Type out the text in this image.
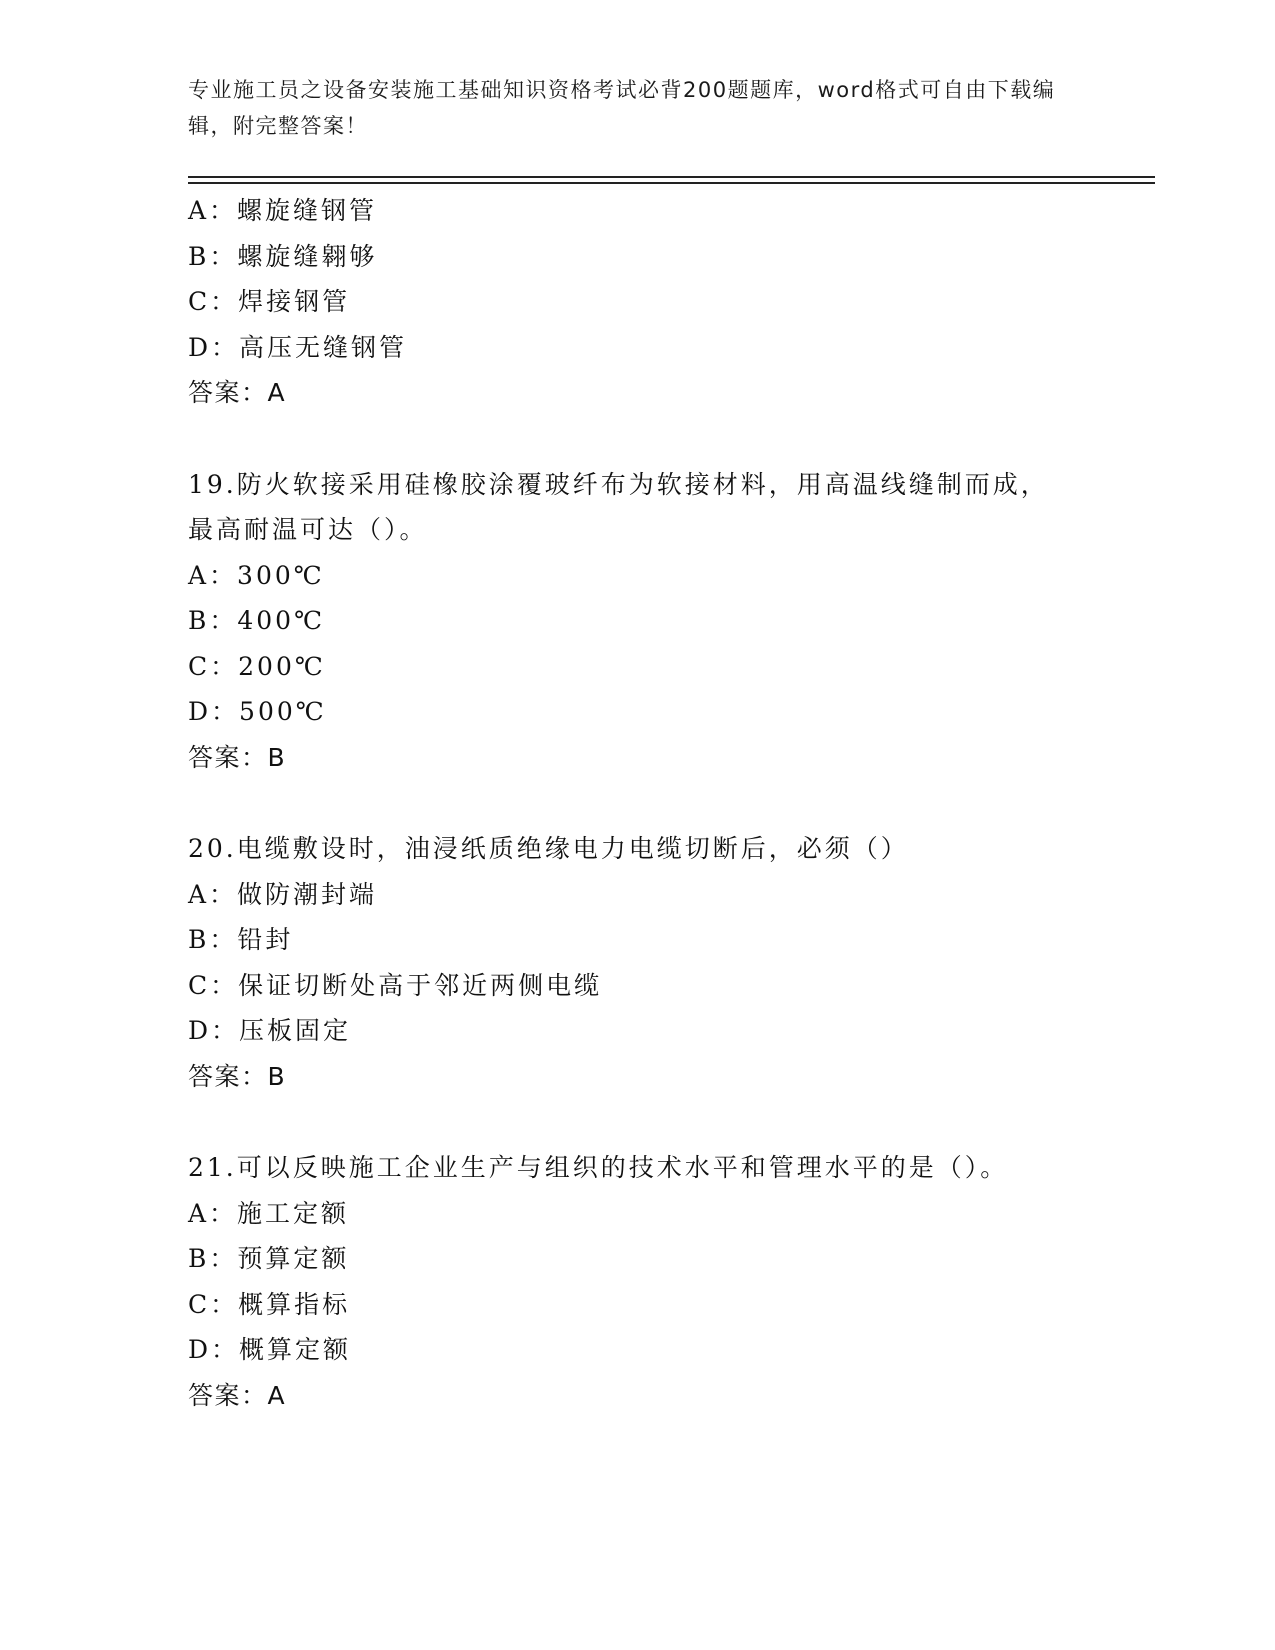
专业施工员之设备安装施工基础知识资格考试必背200题题库，word格式可自由下载编辑，附完整答案！
A：螺旋缝钢管
B：螺旋缝翱够
C：焊接钢管
D：高压无缝钢管
答案：A
19.防火软接采用硅橡胶涂覆玻纤布为软接材料，用高温线缝制而成，
最高耐温可达（）。
A：300℃
B：400℃
C：200℃
D：500℃
答案：B
20.电缆敷设时，油浸纸质绝缘电力电缆切断后，必须（）
A：做防潮封端
B：铅封
C：保证切断处高于邻近两侧电缆
D：压板固定
答案：B
21.可以反映施工企业生产与组织的技术水平和管理水平的是（）。
A：施工定额
B：预算定额
C：概算指标
D：概算定额
答案：A
